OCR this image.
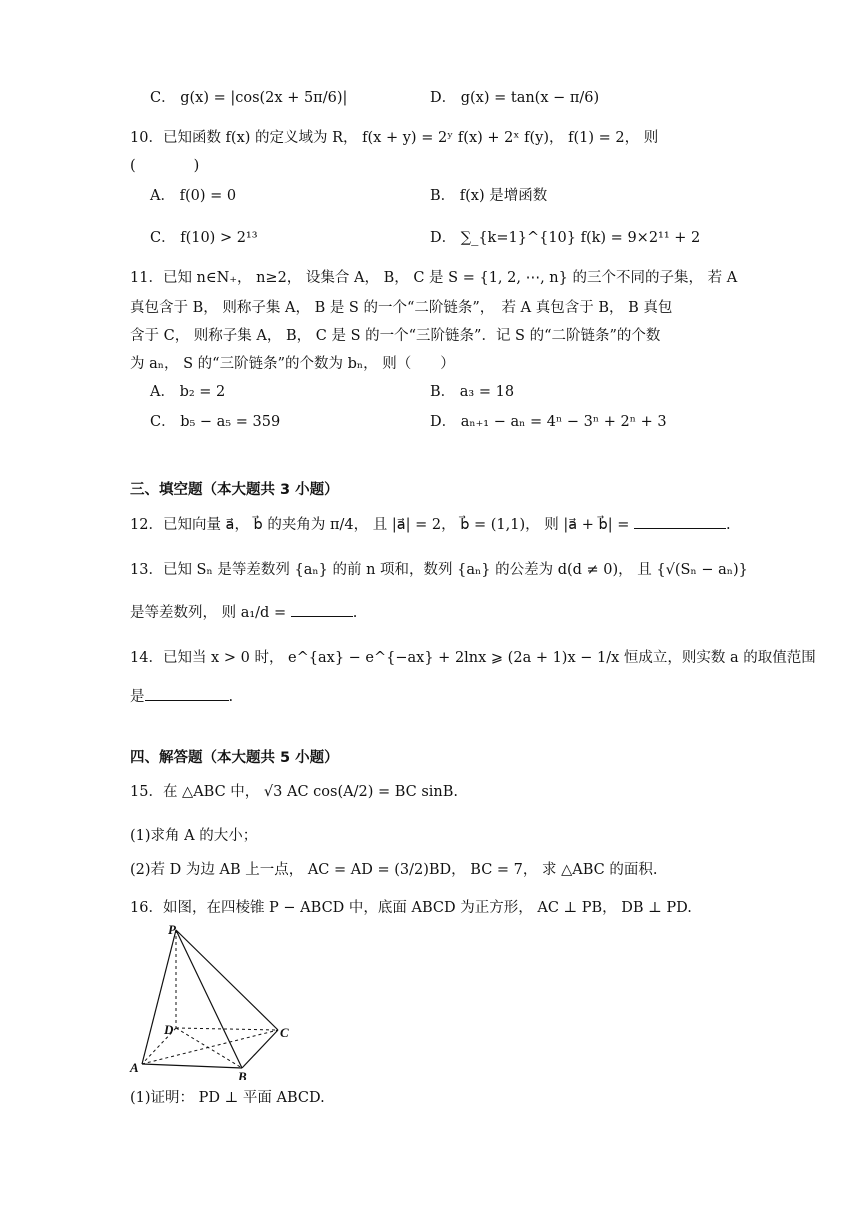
C． g(x) = |cos(2x + 5π/6)|	D． g(x) = tan(x − π/6)
10．已知函数 f(x) 的定义域为 R， f(x + y) = 2ʸ f(x) + 2ˣ f(y)， f(1) = 2， 则
(　　　　)
A． f(0) = 0	B． f(x) 是增函数
C． f(10) > 2¹³	D． ∑_{k=1}^{10} f(k) = 9×2¹¹ + 2
11．已知 n∈N₊， n≥2， 设集合 A， B， C 是 S = {1, 2, ⋯, n} 的三个不同的子集， 若 A
真包含于 B， 则称子集 A， B 是 S 的一个“二阶链条”，　若 A 真包含于 B， B 真包
含于 C， 则称子集 A， B， C 是 S 的一个“三阶链条”．记 S 的“二阶链条”的个数
为 aₙ， S 的“三阶链条”的个数为 bₙ， 则（　　）
A． b₂ = 2	B． a₃ = 18
C． b₅ − a₅ = 359	D． aₙ₊₁ − aₙ = 4ⁿ − 3ⁿ + 2ⁿ + 3
三、填空题（本大题共 3 小题）
12．已知向量 a⃗， b⃗ 的夹角为 π/4， 且 |a⃗| = 2， b⃗ = (1,1)， 则 |a⃗ + b⃗| =	.
13．已知 Sₙ 是等差数列 {aₙ} 的前 n 项和，数列 {aₙ} 的公差为 d(d ≠ 0)， 且 {√(Sₙ − aₙ)}
是等差数列， 则 a₁/d =	.
14．已知当 x > 0 时， e^{ax} − e^{−ax} + 2lnx ⩾ (2a + 1)x − 1/x 恒成立，则实数 a 的取值范围
是	.
四、解答题（本大题共 5 小题）
15．在 △ABC 中， √3 AC cos(A/2) = BC sinB.
(1)求角 A 的大小；
(2)若 D 为边 AB 上一点， AC = AD = (3/2)BD， BC = 7， 求 △ABC 的面积.
16．如图，在四棱锥 P − ABCD 中，底面 ABCD 为正方形， AC ⊥ PB， DB ⊥ PD.
P
A
B
C
D
(1)证明： PD ⊥ 平面 ABCD.
